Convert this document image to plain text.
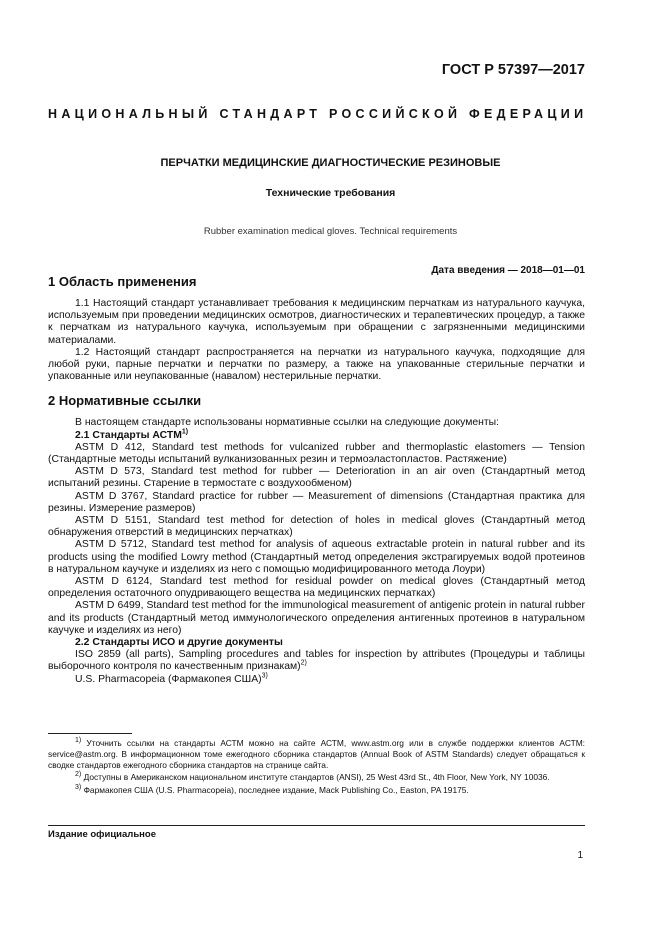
ГОСТ Р 57397—2017
НАЦИОНАЛЬНЫЙ СТАНДАРТ РОССИЙСКОЙ ФЕДЕРАЦИИ
ПЕРЧАТКИ МЕДИЦИНСКИЕ ДИАГНОСТИЧЕСКИЕ РЕЗИНОВЫЕ
Технические требования
Rubber examination medical gloves. Technical requirements
Дата введения — 2018—01—01
1 Область применения

1.1 Настоящий стандарт устанавливает требования к медицинским перчаткам из натурального каучука, используемым при проведении медицинских осмотров, диагностических и терапевтических процедур, а также к перчаткам из натурального каучука, используемым при обращении с загрязненными медицинскими материалами.

1.2 Настоящий стандарт распространяется на перчатки из натурального каучука, подходящие для любой руки, парные перчатки и перчатки по размеру, а также на упакованные стерильные перчатки и упакованные или неупакованные (навалом) нестерильные перчатки.

2 Нормативные ссылки

В настоящем стандарте использованы нормативные ссылки на следующие документы:

2.1 Стандарты АСТМ$^{1)}$

ASTM D 412, Standard test methods for vulcanized rubber and thermoplastic elastomers — Tension (Стандартные методы испытаний вулканизованных резин и термоэластопластов. Растяжение)

ASTM D 573, Standard test method for rubber — Deterioration in an air oven (Стандартный метод испытаний резины. Старение в термостате с воздухообменом)

ASTM D 3767, Standard practice for rubber — Measurement of dimensions (Стандартная практика для резины. Измерение размеров)

ASTM D 5151, Standard test method for detection of holes in medical gloves (Стандартный метод обнаружения отверстий в медицинских перчатках)

ASTM D 5712, Standard test method for analysis of aqueous extractable protein in natural rubber and its products using the modified Lowry method (Стандартный метод определения экстрагируемых водой протеинов в натуральном каучуке и изделиях из него с помощью модифицированного метода Лоури)

ASTM D 6124, Standard test method for residual powder on medical gloves (Стандартный метод определения остаточного опудривающего вещества на медицинских перчатках)

ASTM D 6499, Standard test method for the immunological measurement of antigenic protein in natural rubber and its products (Стандартный метод иммунологического определения антигенных протеинов в натуральном каучуке и изделиях из него)

2.2 Стандарты ИСО и другие документы

ISO 2859 (all parts), Sampling procedures and tables for inspection by attributes (Процедуры и таблицы выборочного контроля по качественным признакам)$^{2)}$

U.S. Pharmacopeia (Фармакопея США)$^{3)}$

$^{1)}$ Уточнить ссылки на стандарты АСТМ можно на сайте АСТМ, www.astm.org или в службе поддержки клиентов АСТМ: service@astm.org. В информационном томе ежегодного сборника стандартов (Annual Book of ASTM Standards) следует обращаться к сводке стандартов ежегодного сборника стандартов на странице сайта.

$^{2)}$ Доступны в Американском национальном институте стандартов (ANSI), 25 West 43rd St., 4th Floor, New York, NY 10036.

$^{3)}$ Фармакопея США (U.S. Pharmacopeia), последнее издание, Mack Publishing Co., Easton, PA 19175.

Издание официальное
1
